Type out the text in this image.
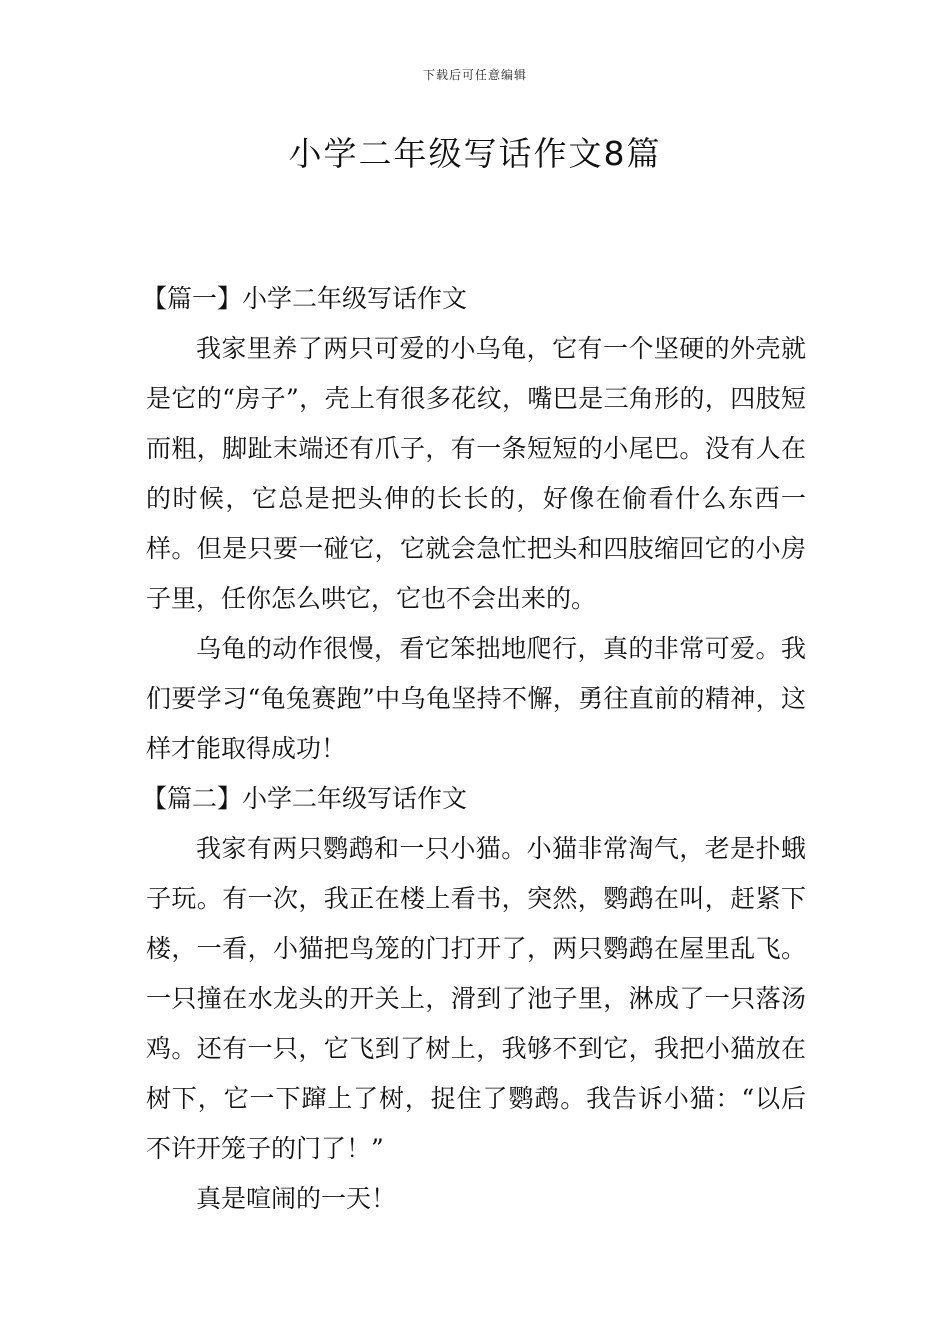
下载后可任意编辑
小学二年级写话作文8篇
【篇一】小学二年级写话作文

我家里养了两只可爱的小乌龟，它有一个坚硬的外壳就是它的“房子”，壳上有很多花纹，嘴巴是三角形的，四肢短而粗，脚趾末端还有爪子，有一条短短的小尾巴。没有人在的时候，它总是把头伸的长长的，好像在偷看什么东西一样。但是只要一碰它，它就会急忙把头和四肢缩回它的小房子里，任你怎么哄它，它也不会出来的。

乌龟的动作很慢，看它笨拙地爬行，真的非常可爱。我们要学习“龟兔赛跑”中乌龟坚持不懈，勇往直前的精神，这样才能取得成功！

【篇二】小学二年级写话作文

我家有两只鹦鹉和一只小猫。小猫非常淘气，老是扑蛾子玩。有一次，我正在楼上看书，突然，鹦鹉在叫，赶紧下楼，一看，小猫把鸟笼的门打开了，两只鹦鹉在屋里乱飞。一只撞在水龙头的开关上，滑到了池子里，淋成了一只落汤鸡。还有一只，它飞到了树上，我够不到它，我把小猫放在树下，它一下蹿上了树，捉住了鹦鹉。我告诉小猫：“以后不许开笼子的门了！”

真是喧闹的一天！
